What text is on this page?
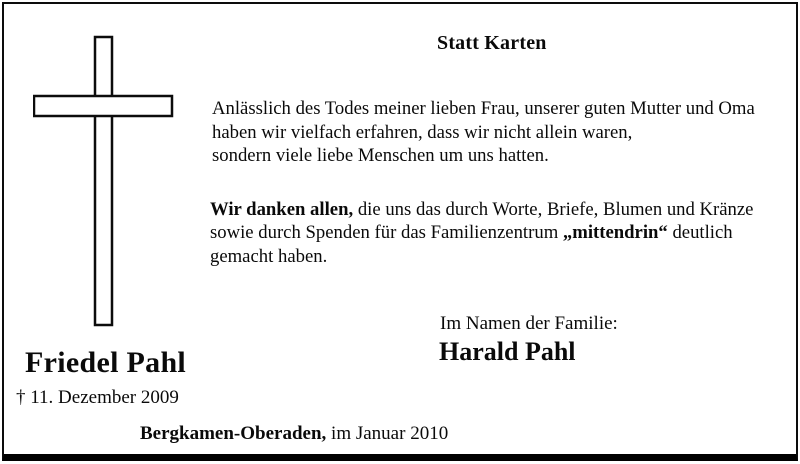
Statt Karten
Anlässlich des Todes meiner lieben Frau, unserer guten Mutter und Oma
haben wir vielfach erfahren, dass wir nicht allein waren,
sondern viele liebe Menschen um uns hatten.
Wir danken allen, die uns das durch Worte, Briefe, Blumen und Kränze
sowie durch Spenden für das Familienzentrum „mittendrin“ deutlich
gemacht haben.
Im Namen der Familie:
Harald Pahl
Friedel Pahl
† 11. Dezember 2009
Bergkamen-Oberaden, im Januar 2010
